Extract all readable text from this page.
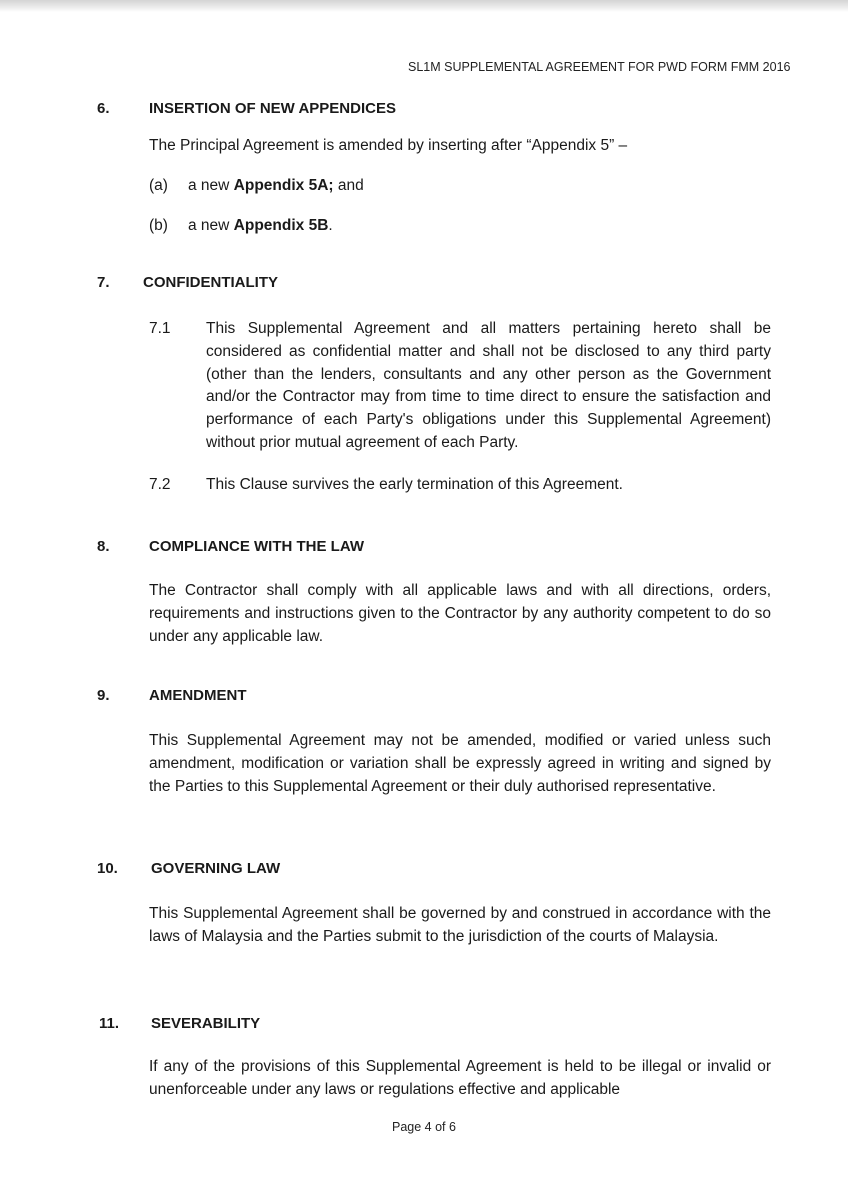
SL1M SUPPLEMENTAL AGREEMENT FOR PWD FORM FMM 2016
6.	INSERTION OF NEW APPENDICES
The Principal Agreement is amended by inserting after “Appendix 5” –
(a) a new Appendix 5A; and
(b) a new Appendix 5B.
7. CONFIDENTIALITY
7.1 This Supplemental Agreement and all matters pertaining hereto shall be considered as confidential matter and shall not be disclosed to any third party (other than the lenders, consultants and any other person as the Government and/or the Contractor may from time to time direct to ensure the satisfaction and performance of each Party's obligations under this Supplemental Agreement) without prior mutual agreement of each Party.

7.2 This Clause survives the early termination of this Agreement.
8.	COMPLIANCE WITH THE LAW

The Contractor shall comply with all applicable laws and with all directions, orders, requirements and instructions given to the Contractor by any authority competent to do so under any applicable law.

9.	AMENDMENT

This Supplemental Agreement may not be amended, modified or varied unless such amendment, modification or variation shall be expressly agreed in writing and signed by the Parties to this Supplemental Agreement or their duly authorised representative.

10. GOVERNING LAW

This Supplemental Agreement shall be governed by and construed in accordance with the laws of Malaysia and the Parties submit to the jurisdiction of the courts of Malaysia.

11. SEVERABILITY

If any of the provisions of this Supplemental Agreement is held to be illegal or invalid or unenforceable under any laws or regulations effective and applicable

Page 4 of 6
